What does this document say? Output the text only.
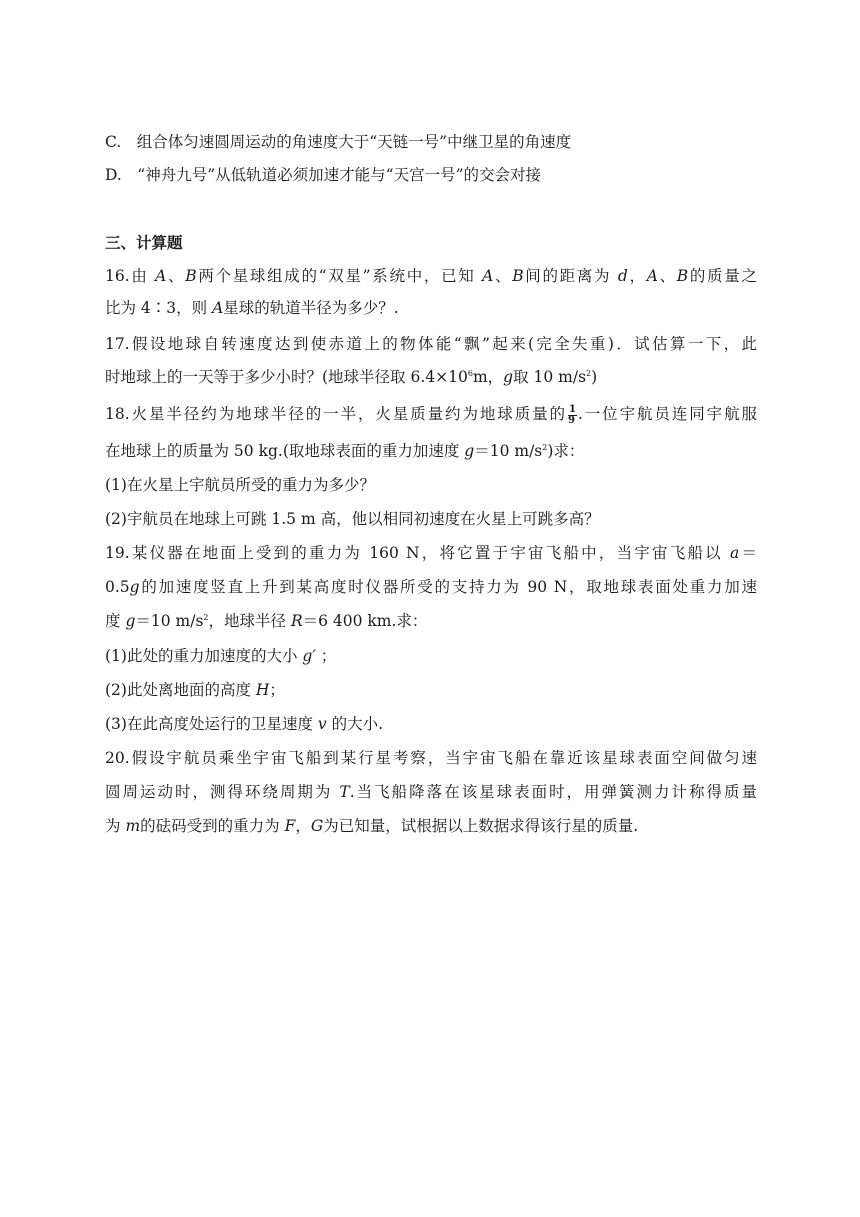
C.　组合体匀速圆周运动的角速度大于“天链一号”中继卫星的角速度
D.　“神舟九号”从低轨道必须加速才能与“天宫一号”的交会对接
三、计算题
16.由 A、B两个星球组成的“双星”系统中，已知 A、B间的距离为 d，A、B的质量之
比为 4∶3，则 A星球的轨道半径为多少？.
17.假设地球自转速度达到使赤道上的物体能“飘”起来(完全失重)．试估算一下，此
时地球上的一天等于多少小时？(地球半径取 $6.4\times 10^6m$，g取 10 $m/s^2$)
18.火星半径约为地球半径的一半，火星质量约为地球质量的 $\frac{1}{9}$ .一位宇航员连同宇航服
在地球上的质量为 50 kg.(取地球表面的重力加速度 g＝10 $m/s^2$)求：
(1)在火星上宇航员所受的重力为多少？
(2)宇航员在地球上可跳 1.5 m 高，他以相同初速度在火星上可跳多高？
19.某仪器在地面上受到的重力为 160 N，将它置于宇宙飞船中，当宇宙飞船以 a＝
0.5g的加速度竖直上升到某高度时仪器所受的支持力为 90 N，取地球表面处重力加速
度 g＝10 $m/s^2$，地球半径 R＝6 400 km.求：
(1)此处的重力加速度的大小 g′ ；
(2)此处离地面的高度 H；
(3)在此高度处运行的卫星速度 v 的大小.
20.假设宇航员乘坐宇宙飞船到某行星考察，当宇宙飞船在靠近该星球表面空间做匀速
圆周运动时，测得环绕周期为 T.当飞船降落在该星球表面时，用弹簧测力计称得质量
为 m的砝码受到的重力为 F，G为已知量，试根据以上数据求得该行星的质量.
